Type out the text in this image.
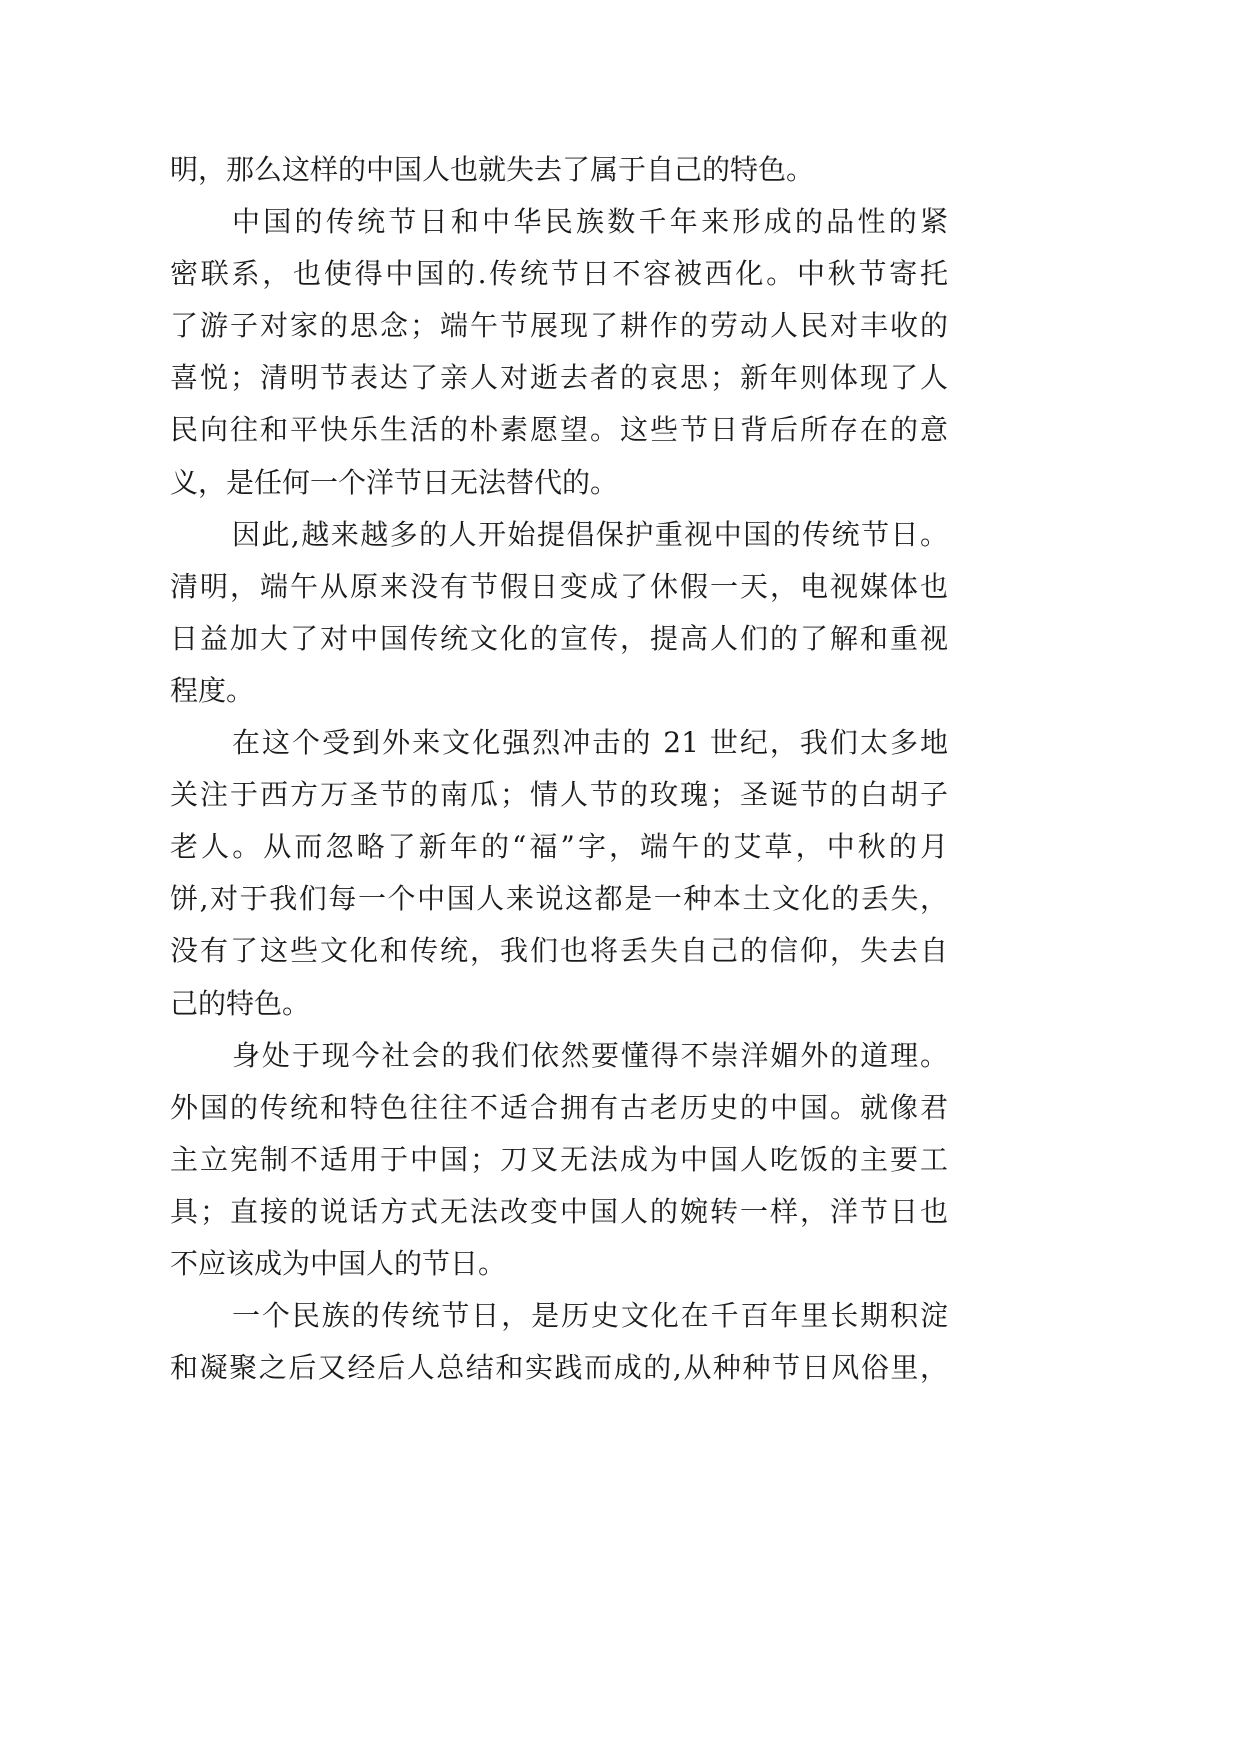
明，那么这样的中国人也就失去了属于自己的特色。
中国的传统节日和中华民族数千年来形成的品性的紧
密联系，也使得中国的.传统节日不容被西化。中秋节寄托
了游子对家的思念；端午节展现了耕作的劳动人民对丰收的
喜悦；清明节表达了亲人对逝去者的哀思；新年则体现了人
民向往和平快乐生活的朴素愿望。这些节日背后所存在的意
义，是任何一个洋节日无法替代的。
因此,越来越多的人开始提倡保护重视中国的传统节日。
清明，端午从原来没有节假日变成了休假一天，电视媒体也
日益加大了对中国传统文化的宣传，提高人们的了解和重视
程度。
在这个受到外来文化强烈冲击的 21 世纪，我们太多地
关注于西方万圣节的南瓜；情人节的玫瑰；圣诞节的白胡子
老人。从而忽略了新年的“福”字，端午的艾草，中秋的月
饼,对于我们每一个中国人来说这都是一种本土文化的丢失，
没有了这些文化和传统，我们也将丢失自己的信仰，失去自
己的特色。
身处于现今社会的我们依然要懂得不崇洋媚外的道理。
外国的传统和特色往往不适合拥有古老历史的中国。就像君
主立宪制不适用于中国；刀叉无法成为中国人吃饭的主要工
具；直接的说话方式无法改变中国人的婉转一样，洋节日也
不应该成为中国人的节日。
一个民族的传统节日，是历史文化在千百年里长期积淀
和凝聚之后又经后人总结和实践而成的,从种种节日风俗里，
